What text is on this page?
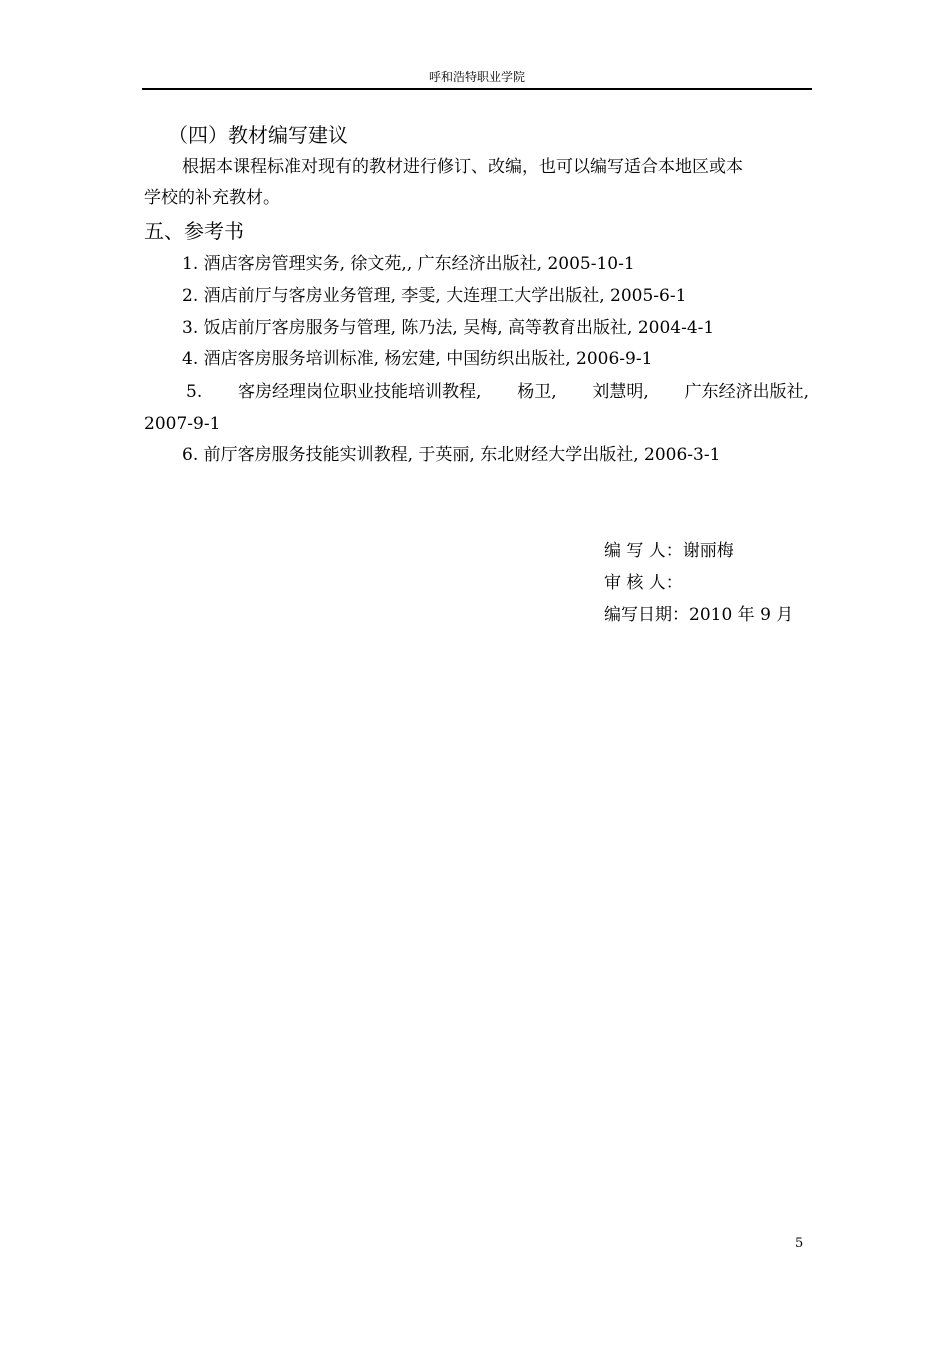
呼和浩特职业学院
（四）教材编写建议
根据本课程标准对现有的教材进行修订、改编，也可以编写适合本地区或本
学校的补充教材。
五、参考书
1. 酒店客房管理实务, 徐文苑,, 广东经济出版社, 2005-10-1
2. 酒店前厅与客房业务管理, 李雯, 大连理工大学出版社, 2005-6-1
3. 饭店前厅客房服务与管理, 陈乃法, 吴梅, 高等教育出版社, 2004-4-1
4. 酒店客房服务培训标准, 杨宏建, 中国纺织出版社, 2006-9-1
5. 客房经理岗位职业技能培训教程, 杨卫, 刘慧明, 广东经济出版社,
2007-9-1
6. 前厅客房服务技能实训教程, 于英丽, 东北财经大学出版社, 2006-3-1
编 写 人：谢丽梅
审 核 人：
编写日期：2010 年 9 月
5
